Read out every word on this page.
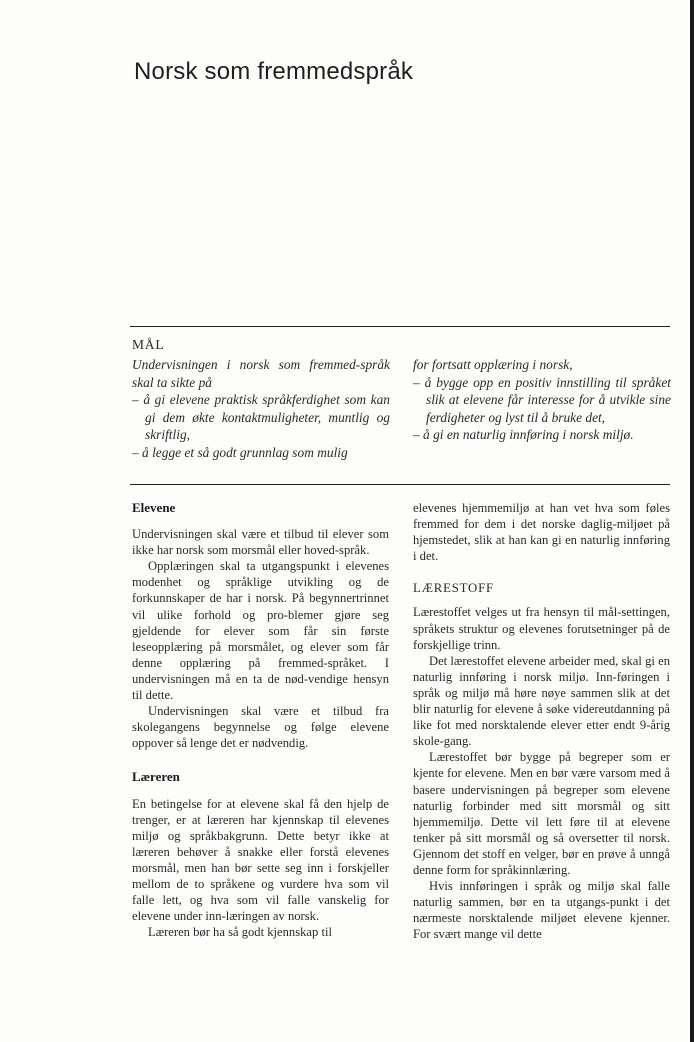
Norsk som fremmedspråk
MÅL

Undervisningen i norsk som fremmed-språk skal ta sikte på

– å gi elevene praktisk språkferdighet som kan gi dem økte kontaktmuligheter, muntlig og skriftlig,

– å legge et så godt grunnlag som mulig

for fortsatt opplæring i norsk,

– å bygge opp en positiv innstilling til språket slik at elevene får interesse for å utvikle sine ferdigheter og lyst til å bruke det,

– å gi en naturlig innføring i norsk miljø.

Elevene

Undervisningen skal være et tilbud til elever som ikke har norsk som morsmål eller hoved-språk.

Opplæringen skal ta utgangspunkt i elevenes modenhet og språklige utvikling og de forkunnskaper de har i norsk. På begynnertrinnet vil ulike forhold og pro-blemer gjøre seg gjeldende for elever som får sin første leseopplæring på morsmålet, og elever som får denne opplæring på fremmed-språket. I undervisningen må en ta de nød-vendige hensyn til dette.

Undervisningen skal være et tilbud fra skolegangens begynnelse og følge elevene oppover så lenge det er nødvendig.

Læreren

En betingelse for at elevene skal få den hjelp de trenger, er at læreren har kjennskap til elevenes miljø og språkbakgrunn. Dette betyr ikke at læreren behøver å snakke eller forstå elevenes morsmål, men han bør sette seg inn i forskjeller mellom de to språkene og vurdere hva som vil falle lett, og hva som vil falle vanskelig for elevene under inn-læringen av norsk.

Læreren bør ha så godt kjennskap til

elevenes hjemmemiljø at han vet hva som føles fremmed for dem i det norske daglig-miljøet på hjemstedet, slik at han kan gi en naturlig innføring i det.

LÆRESTOFF

Lærestoffet velges ut fra hensyn til mål-settingen, språkets struktur og elevenes forutsetninger på de forskjellige trinn.

Det lærestoffet elevene arbeider med, skal gi en naturlig innføring i norsk miljø. Inn-føringen i språk og miljø må høre nøye sammen slik at det blir naturlig for elevene å søke videreutdanning på like fot med norsktalende elever etter endt 9-årig skole-gang.

Lærestoffet bør bygge på begreper som er kjente for elevene. Men en bør være varsom med å basere undervisningen på begreper som elevene naturlig forbinder med sitt morsmål og sitt hjemmemiljø. Dette vil lett føre til at elevene tenker på sitt morsmål og så oversetter til norsk. Gjennom det stoff en velger, bør en prøve å unngå denne form for språkinnlæring.

Hvis innføringen i språk og miljø skal falle naturlig sammen, bør en ta utgangs-punkt i det nærmeste norsktalende miljøet elevene kjenner. For svært mange vil dette
